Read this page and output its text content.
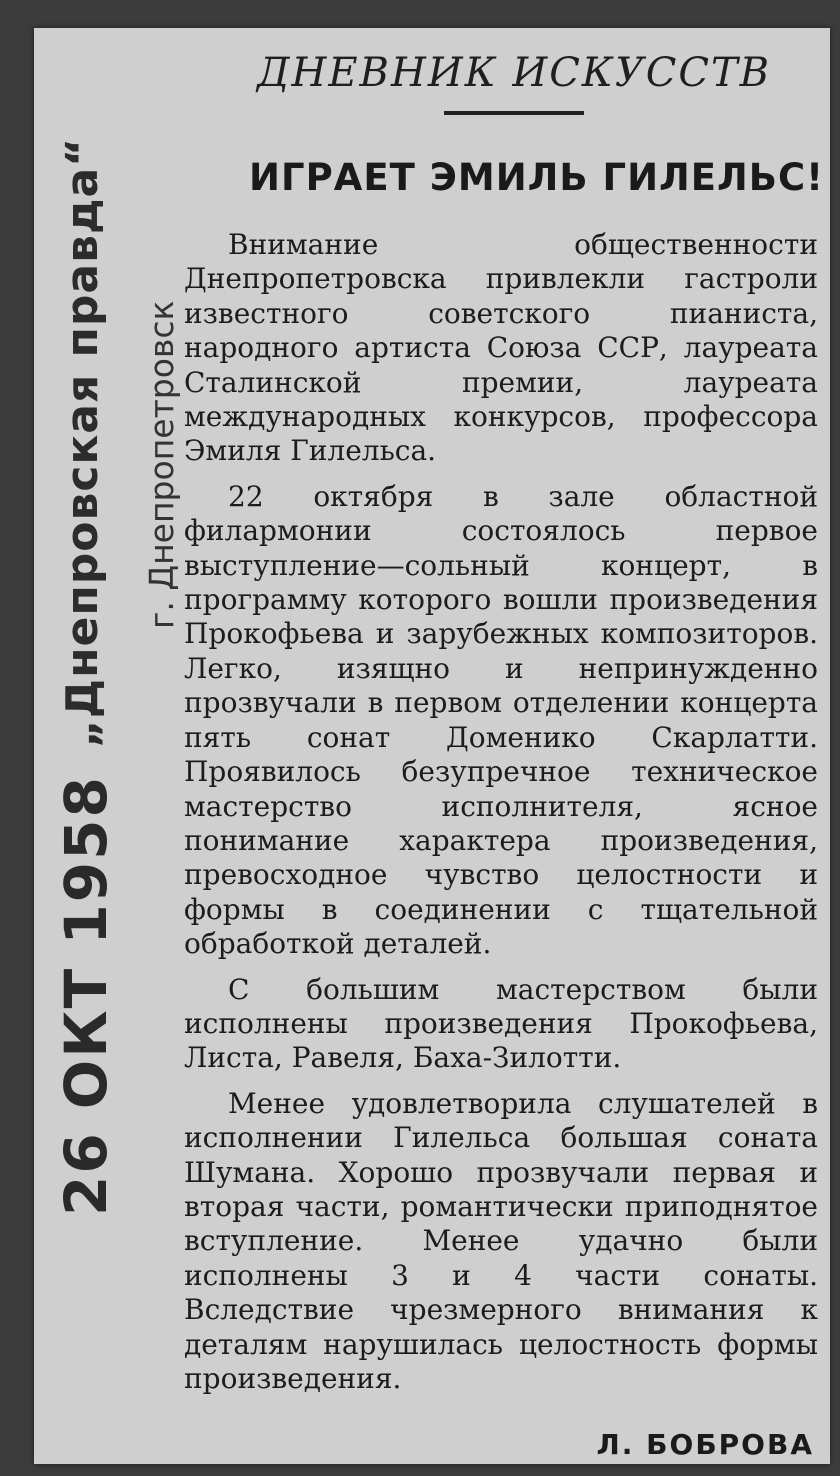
„Днепровская правда“	г. Днепропетровск
26 ОКТ 1958
ДНЕВНИК ИСКУССТВ
ИГРАЕТ ЭМИЛЬ ГИЛЕЛЬС!

Внимание общественности Днепропетровска привлекли гастроли известного советского пианиста, народного артиста Союза ССР, лауреата Сталинской премии, лауреата международных конкурсов, профессора Эмиля Гилельса.

22 октября в зале областной филармонии состоялось первое выступление—сольный концерт, в программу которого вошли произведения Прокофьева и зарубежных композиторов. Легко, изящно и непринужденно прозвучали в первом отделении концерта пять сонат Доменико Скарлатти. Проявилось безупречное техническое мастерство исполнителя, ясное понимание характера произведения, превосходное чувство целостности и формы в соединении с тщательной обработкой деталей.

С большим мастерством были исполнены произведения Прокофьева, Листа, Равеля, Баха-Зилотти.

Менее удовлетворила слушателей в исполнении Гилельса большая соната Шумана. Хорошо прозвучали первая и вторая части, романтически приподнятое вступление. Менее удачно были исполнены 3 и 4 части сонаты. Вследствие чрезмерного внимания к деталям нарушилась целостность формы произведения.

Л. БОБРОВА
